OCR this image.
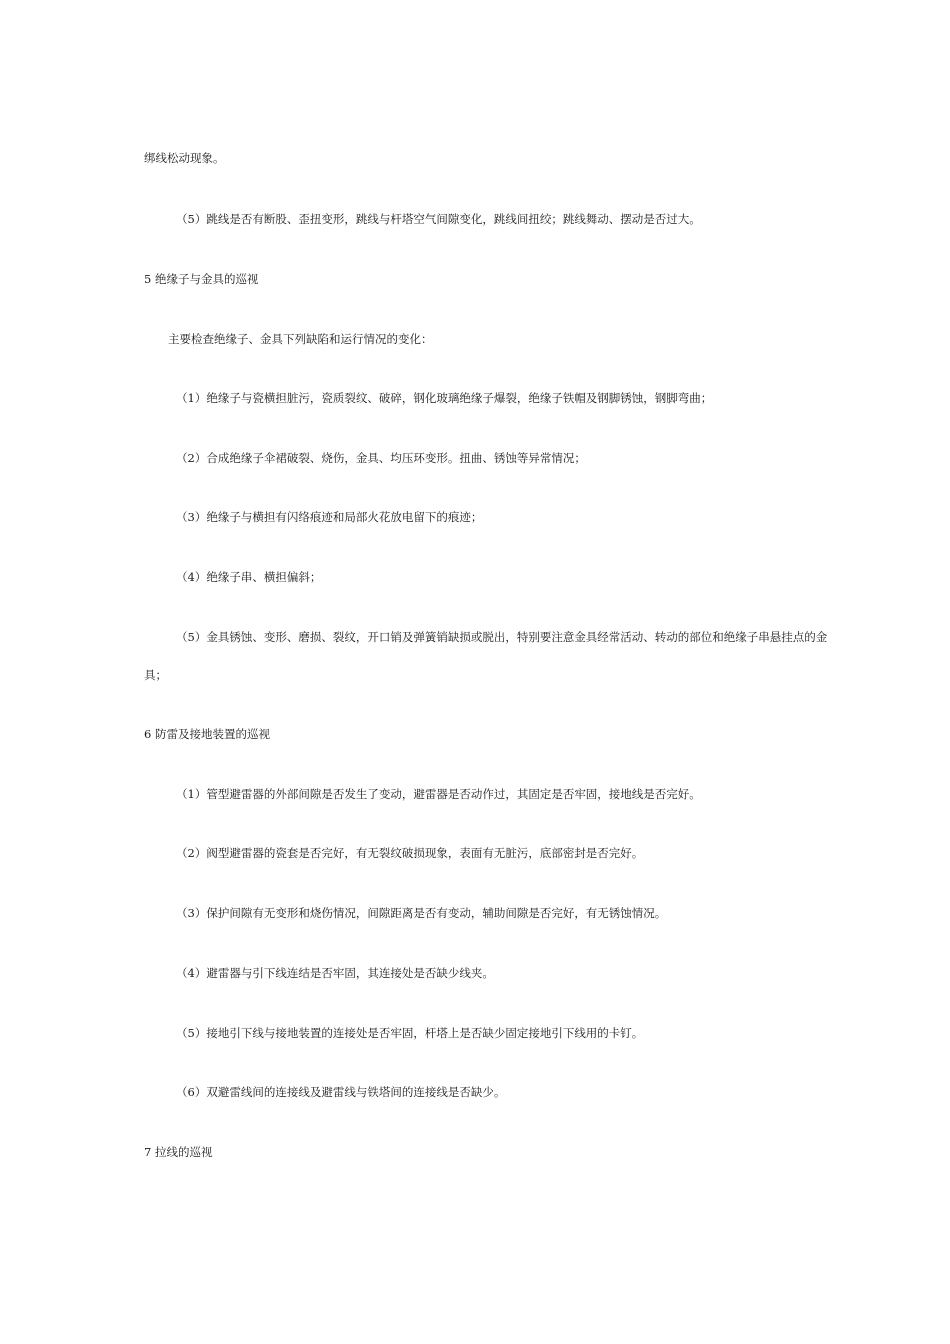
绑线松动现象。

（5）跳线是否有断股、歪扭变形，跳线与杆塔空气间隙变化，跳线间扭绞；跳线舞动、摆动是否过大。

5 绝缘子与金具的巡视

主要检查绝缘子、金具下列缺陷和运行情况的变化：

（1）绝缘子与瓷横担脏污，瓷质裂纹、破碎，钢化玻璃绝缘子爆裂，绝缘子铁帽及钢脚锈蚀，钢脚弯曲；

（2）合成绝缘子伞裙破裂、烧伤，金具、均压环变形。扭曲、锈蚀等异常情况；

（3）绝缘子与横担有闪络痕迹和局部火花放电留下的痕迹；

（4）绝缘子串、横担偏斜；

（5）金具锈蚀、变形、磨损、裂纹，开口销及弹簧销缺损或脱出，特别要注意金具经常活动、转动的部位和绝缘子串悬挂点的金

具；

6 防雷及接地装置的巡视

（1）管型避雷器的外部间隙是否发生了变动，避雷器是否动作过，其固定是否牢固，接地线是否完好。

（2）阀型避雷器的瓷套是否完好，有无裂纹破损现象，表面有无脏污，底部密封是否完好。

（3）保护间隙有无变形和烧伤情况，间隙距离是否有变动，辅助间隙是否完好，有无锈蚀情况。

（4）避雷器与引下线连结是否牢固，其连接处是否缺少线夹。

（5）接地引下线与接地装置的连接处是否牢固，杆塔上是否缺少固定接地引下线用的卡钉。

（6）双避雷线间的连接线及避雷线与铁塔间的连接线是否缺少。

7 拉线的巡视
